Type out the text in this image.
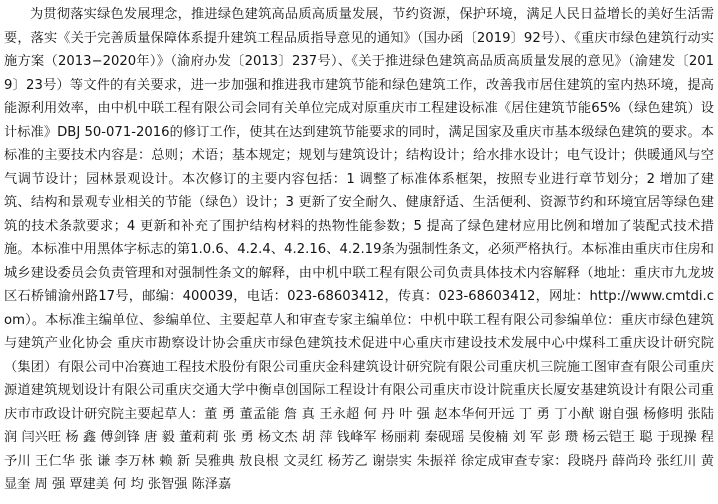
为贯彻落实绿色发展理念，推进绿色建筑高品质高质量发展，节约资源，保护环境，满足人民日益增长的美好生活需要，落实《关于完善质量保障体系提升建筑工程品质指导意见的通知》（国办函〔2019〕92号）、《重庆市绿色建筑行动实施方案（2013−2020年）》（渝府办发〔2013〕237号）、《关于推进绿色建筑高品质高质量发展的意见》（渝建发〔2019〕23号）等文件的有关要求，进一步加强和推进我市建筑节能和绿色建筑工作，改善我市居住建筑的室内热环境，提高能源利用效率，由中机中联工程有限公司会同有关单位完成对原重庆市工程建设标准《居住建筑节能65%（绿色建筑）设计标准》DBJ 50-071-2016的修订工作，使其在达到建筑节能要求的同时，满足国家及重庆市基本级绿色建筑的要求。本标准的主要技术内容是：总则；术语；基本规定；规划与建筑设计；结构设计；给水排水设计；电气设计；供暖通风与空气调节设计；园林景观设计。本次修订的主要内容包括：1 调整了标准体系框架，按照专业进行章节划分；2 增加了建筑、结构和景观专业相关的节能（绿色）设计；3 更新了安全耐久、健康舒适、生活便利、资源节约和环境宜居等绿色建筑的技术条款要求；4 更新和补充了围护结构材料的热物性能参数；5 提高了绿色建材应用比例和增加了装配式技术措施。本标准中用黑体字标志的第1.0.6、4.2.4、4.2.16、4.2.19条为强制性条文，必须严格执行。本标准由重庆市住房和城乡建设委员会负责管理和对强制性条文的解释，由中机中联工程有限公司负责具体技术内容解释（地址：重庆市九龙坡区石桥铺渝州路17号，邮编：400039，电话：023-68603412，传真：023-68603412，网址：http://www.cmtdi.com）。本标准主编单位、参编单位、主要起草人和审查专家主编单位：中机中联工程有限公司参编单位：重庆市绿色建筑与建筑产业化协会 重庆市勘察设计协会重庆市绿色建筑技术促进中心重庆市建设技术发展中心中煤科工重庆设计研究院（集团）有限公司中冶赛迪工程技术股份有限公司重庆金科建筑设计研究院有限公司重庆机三院施工图审查有限公司重庆源道建筑规划设计有限公司重庆交通大学中衡卓创国际工程设计有限公司重庆市设计院重庆长厦安基建筑设计有限公司重庆市市政设计研究院主要起草人：董 勇 董孟能 詹 真 王永超 何 丹 叶 强 赵本华何开远 丁 勇 丁小猷 谢自强 杨修明 张陆润 闫兴旺 杨 鑫 傅剑锋 唐 毅 董莉莉 张 勇 杨文杰 胡 萍 钱峰军 杨丽莉 秦砚瑶 吴俊楠 刘 军 彭 瓒 杨云铠王 聪 于现操 程予川 王仁华 张 谦 李万林 赖 新 吴雅典 敖良根 文灵红 杨芳乙 谢崇实 朱振祥 徐定成审查专家：段晓丹 薛尚玲 张红川 黄显奎 周 强 覃建美 何 均 张智强 陈泽嘉
